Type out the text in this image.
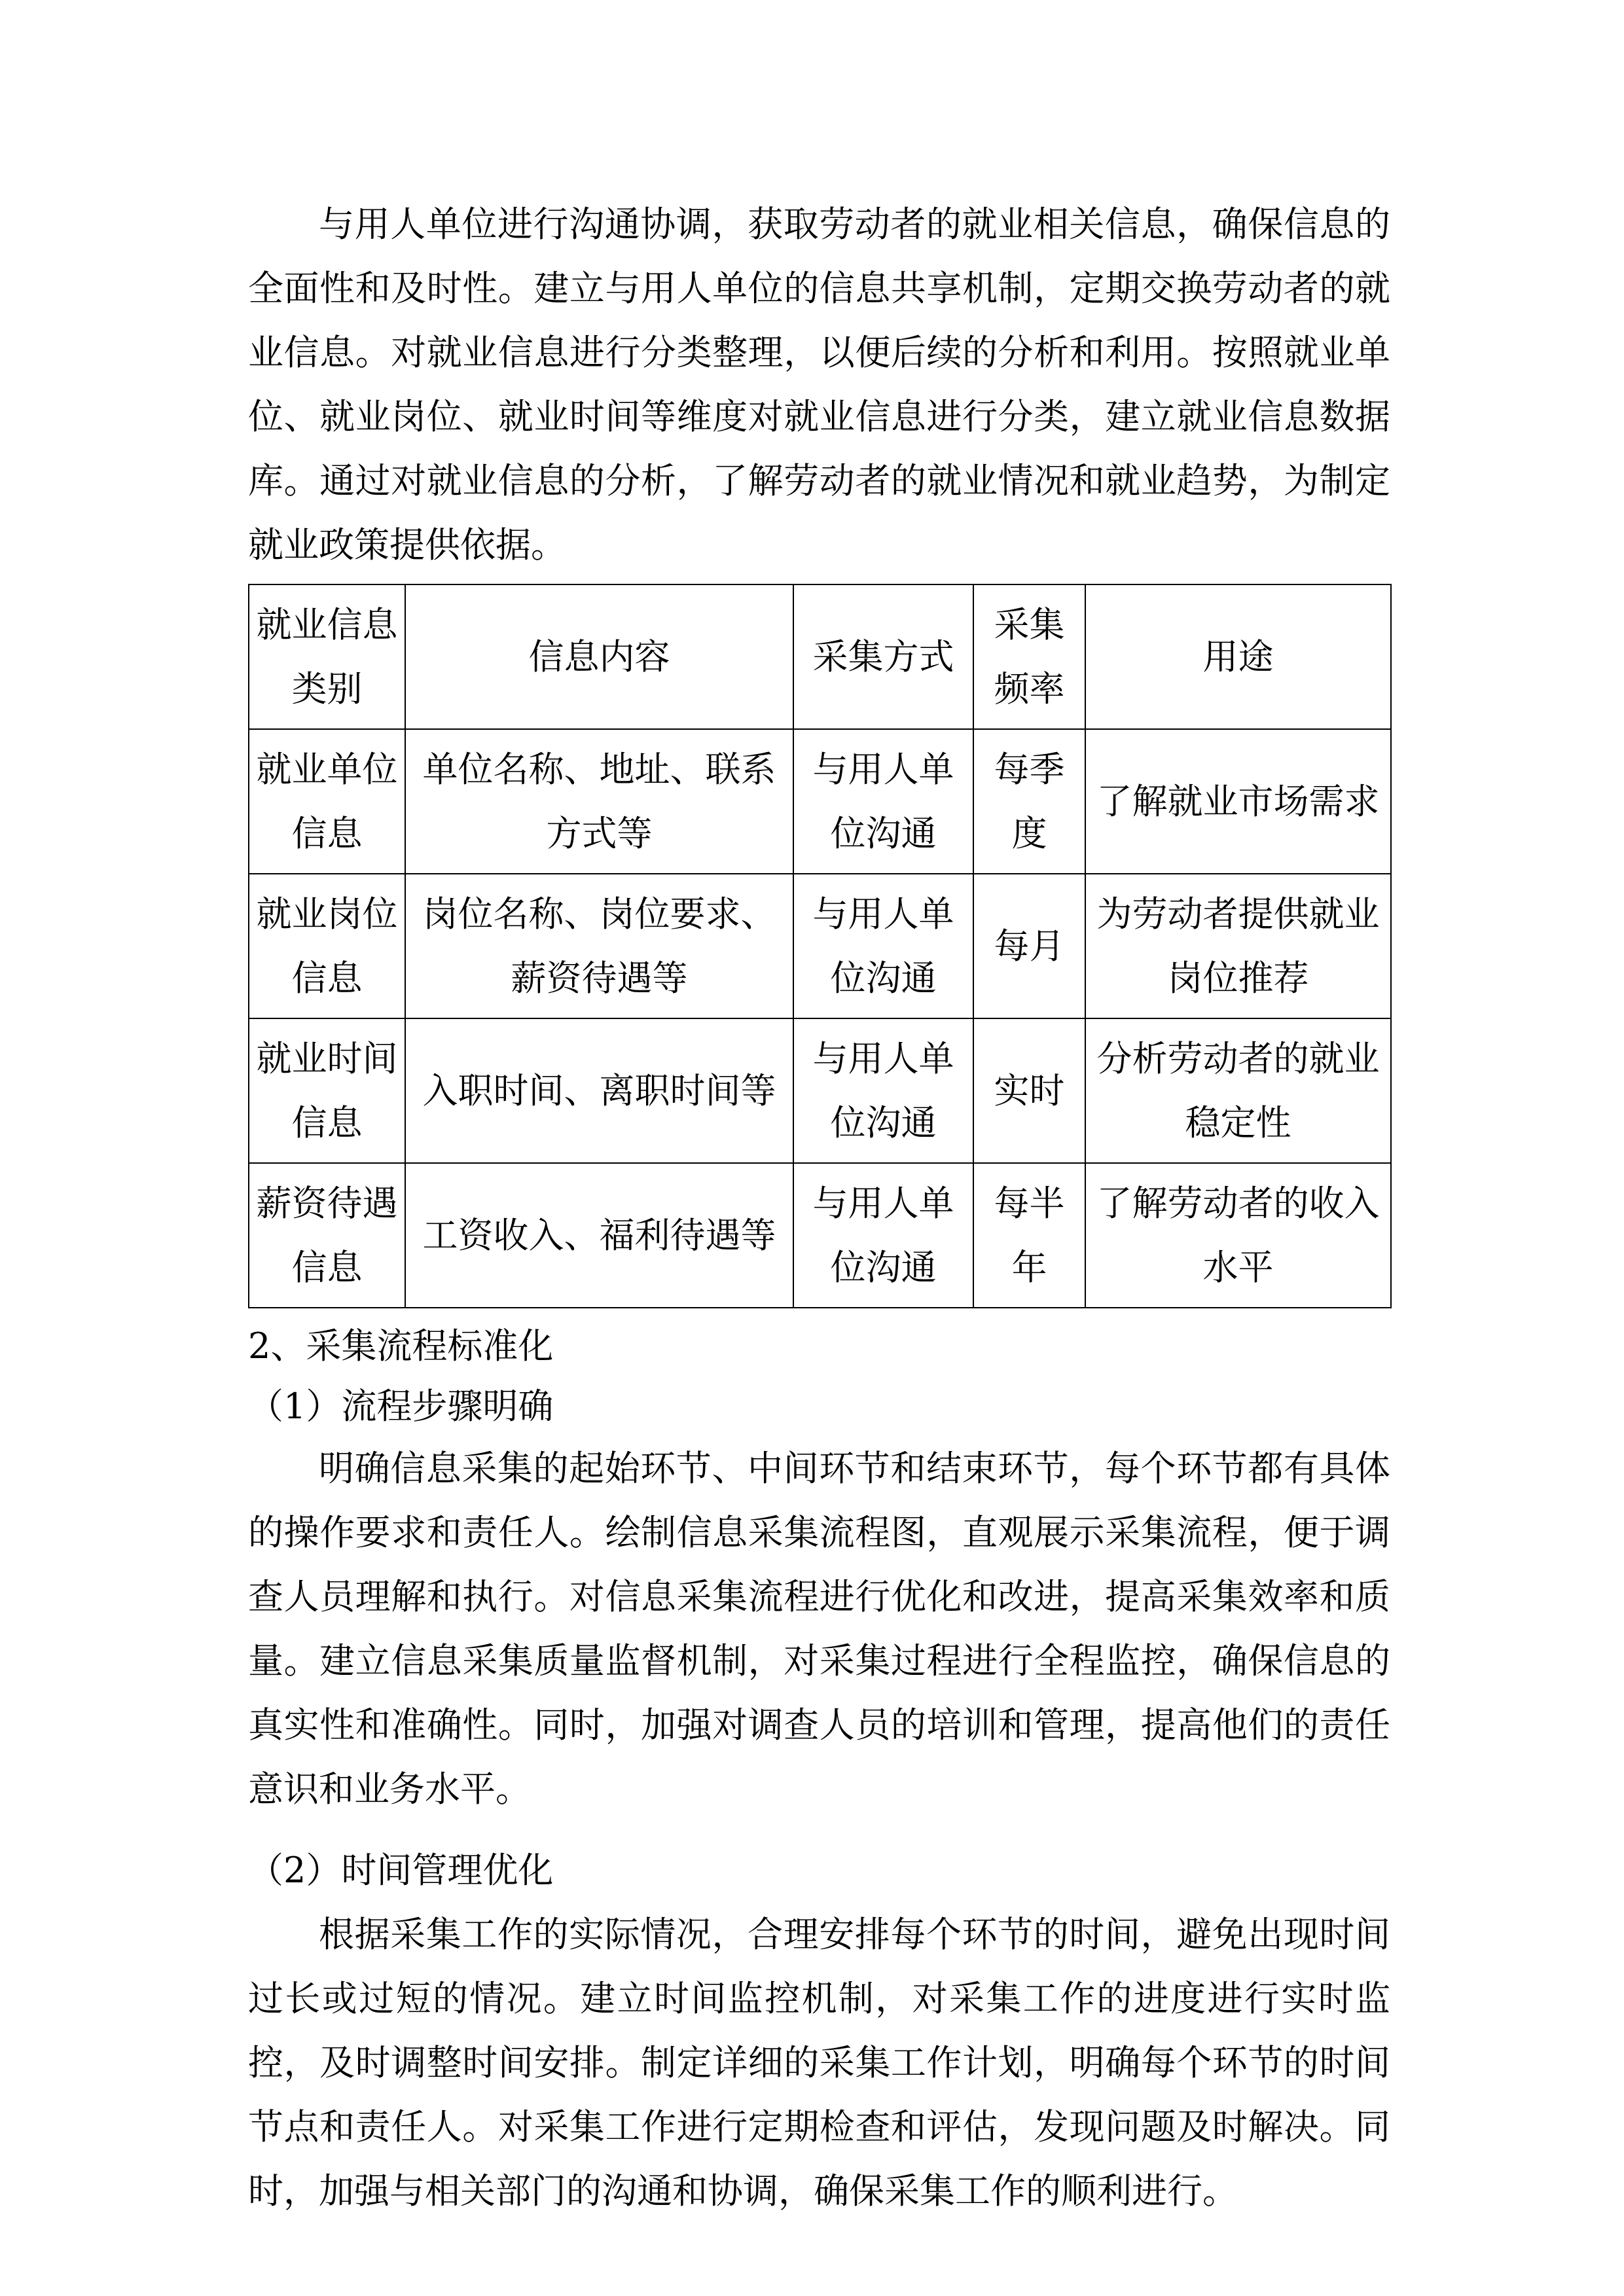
与用人单位进行沟通协调，获取劳动者的就业相关信息，确保信息的全面性和及时性。建立与用人单位的信息共享机制，定期交换劳动者的就业信息。对就业信息进行分类整理，以便后续的分析和利用。按照就业单位、就业岗位、就业时间等维度对就业信息进行分类，建立就业信息数据库。通过对就业信息的分析，了解劳动者的就业情况和就业趋势，为制定就业政策提供依据。

就业信息类别	信息内容	采集方式	采集频率	用途
就业单位信息	单位名称、地址、联系方式等	与用人单位沟通	每季度	了解就业市场需求
就业岗位信息	岗位名称、岗位要求、薪资待遇等	与用人单位沟通	每月	为劳动者提供就业岗位推荐
就业时间信息	入职时间、离职时间等	与用人单位沟通	实时	分析劳动者的就业稳定性
薪资待遇信息	工资收入、福利待遇等	与用人单位沟通	每半年	了解劳动者的收入水平

2、采集流程标准化

（1）流程步骤明确

明确信息采集的起始环节、中间环节和结束环节，每个环节都有具体的操作要求和责任人。绘制信息采集流程图，直观展示采集流程，便于调查人员理解和执行。对信息采集流程进行优化和改进，提高采集效率和质量。建立信息采集质量监督机制，对采集过程进行全程监控，确保信息的真实性和准确性。同时，加强对调查人员的培训和管理，提高他们的责任意识和业务水平。

（2）时间管理优化

根据采集工作的实际情况，合理安排每个环节的时间，避免出现时间过长或过短的情况。建立时间监控机制，对采集工作的进度进行实时监控，及时调整时间安排。制定详细的采集工作计划，明确每个环节的时间节点和责任人。对采集工作进行定期检查和评估，发现问题及时解决。同时，加强与相关部门的沟通和协调，确保采集工作的顺利进行。
